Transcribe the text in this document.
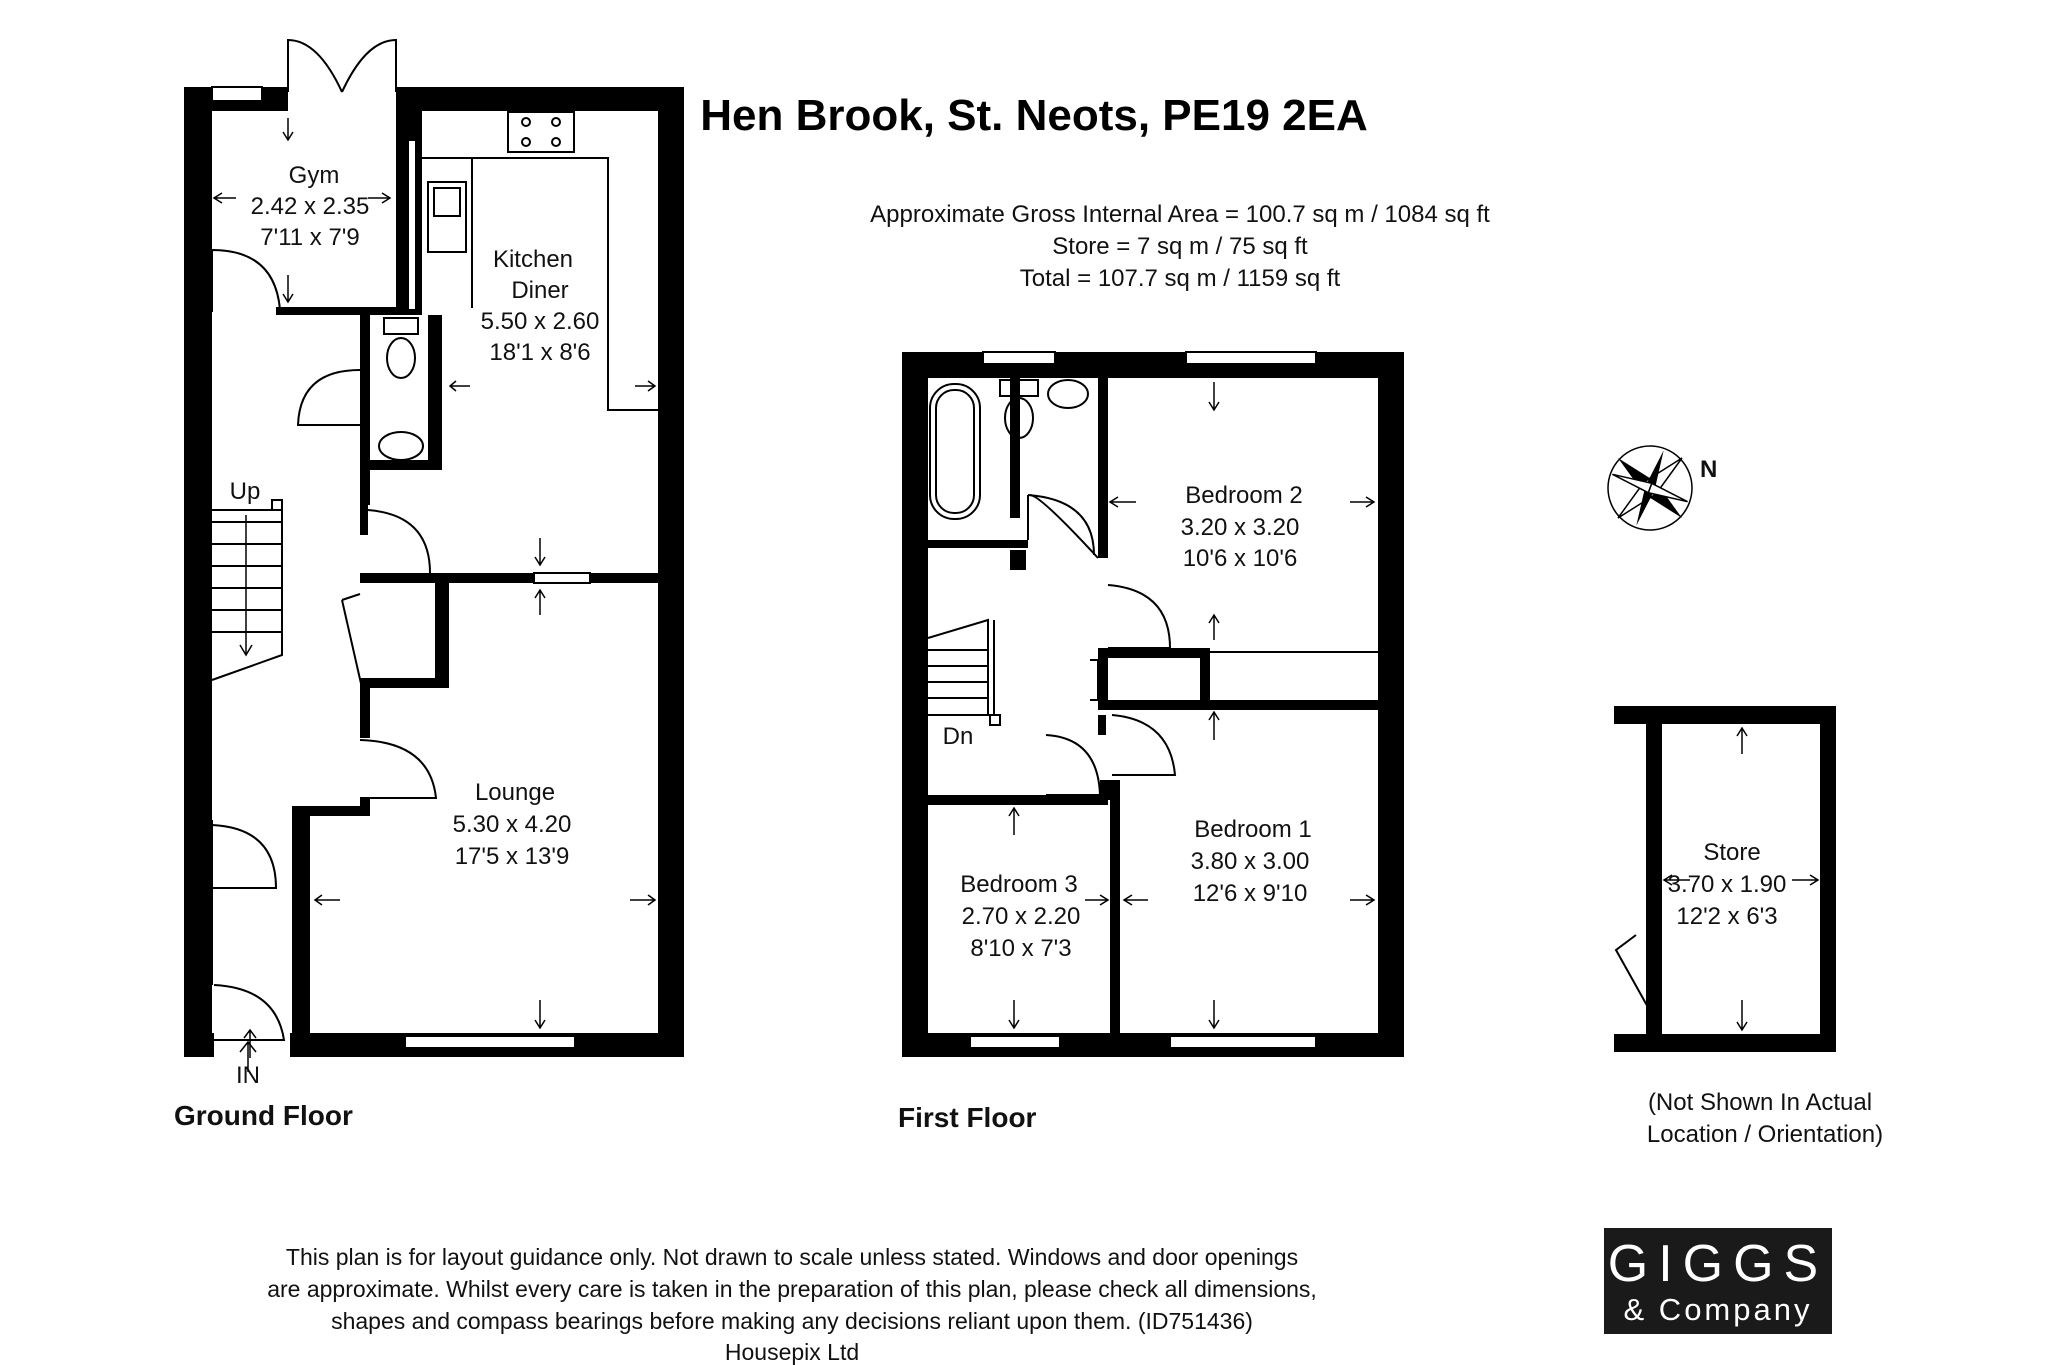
N
Hen Brook, St. Neots, PE19 2EA
Approximate Gross Internal Area = 100.7 sq m / 1084 sq ft
Store = 7 sq m / 75 sq ft
Total = 107.7 sq m / 1159 sq ft
Gym
2.42 x 2.35
7'11 x 7'9
Kitchen
Diner
5.50 x 2.60
18'1 x 8'6
Lounge
5.30 x 4.20
17'5 x 13'9
Up
IN
Bedroom 2
3.20 x 3.20
10'6 x 10'6
Bedroom 1
3.80 x 3.00
12'6 x 9'10
Bedroom 3
2.70 x 2.20
8'10 x 7'3
Dn
Store
3.70 x 1.90
12'2 x 6'3
(Not Shown In Actual
Location / Orientation)
Ground Floor	First Floor
This plan is for layout guidance only. Not drawn to scale unless stated. Windows and door openings
are approximate. Whilst every care is taken in the preparation of this plan, please check all dimensions,
shapes and compass bearings before making any decisions reliant upon them. (ID751436)
Housepix Ltd
GIGGS
& Company
